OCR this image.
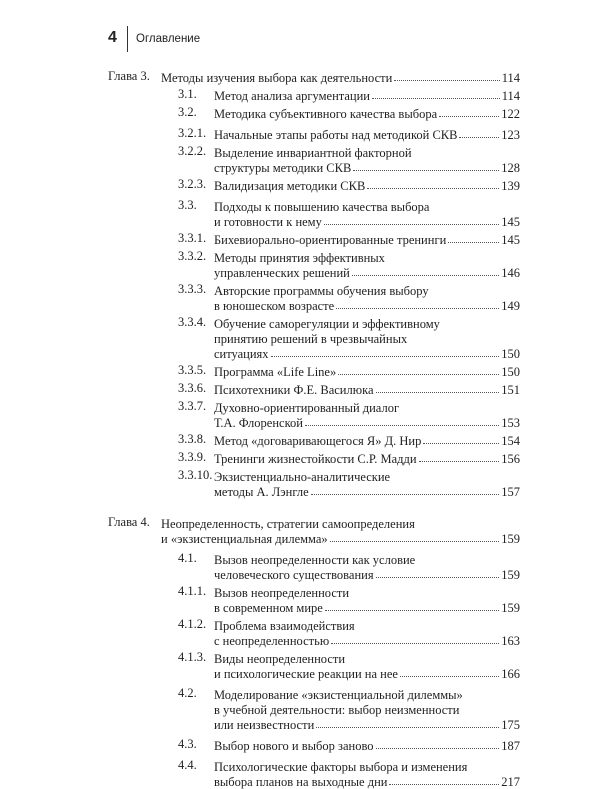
4 Оглавление
Глава 3. Методы изучения выбора как деятельности	114
3.1. Метод анализа аргументации	114
3.2. Методика субъективного качества выбора	122
3.2.1. Начальные этапы работы над методикой СКВ	123
3.2.2. Выделение инвариантной факторной
структуры методики СКВ	128
3.2.3. Валидизация методики СКВ	139
3.3. Подходы к повышению качества выбора
и готовности к нему	145
3.3.1. Бихевиорально-ориентированные тренинги	145
3.3.2. Методы принятия эффективных
управленческих решений	146
3.3.3. Авторские программы обучения выбору
в юношеском возрасте	149
3.3.4. Обучение саморегуляции и эффективному
принятию решений в чрезвычайных
ситуациях	150
3.3.5. Программа «Life Line»	150
3.3.6. Психотехники Ф.Е. Василюка	151
3.3.7. Духовно-ориентированный диалог
Т.А. Флоренской	153
3.3.8. Метод «договаривающегося Я» Д. Нир	154
3.3.9. Тренинги жизнестойкости С.Р. Мадди	156
3.3.10. Экзистенциально-аналитические
методы А. Лэнгле	157
Глава 4. Неопределенность, стратегии самоопределения
и «экзистенциальная дилемма»	159
4.1. Вызов неопределенности как условие
человеческого существования	159
4.1.1. Вызов неопределенности
в современном мире	159
4.1.2. Проблема взаимодействия
с неопределенностью	163
4.1.3. Виды неопределенности
и психологические реакции на нее	166
4.2. Моделирование «экзистенциальной дилеммы»
в учебной деятельности: выбор неизменности
или неизвестности	175
4.3. Выбор нового и выбор заново	187
4.4. Психологические факторы выбора и изменения
выбора планов на выходные дни	217
